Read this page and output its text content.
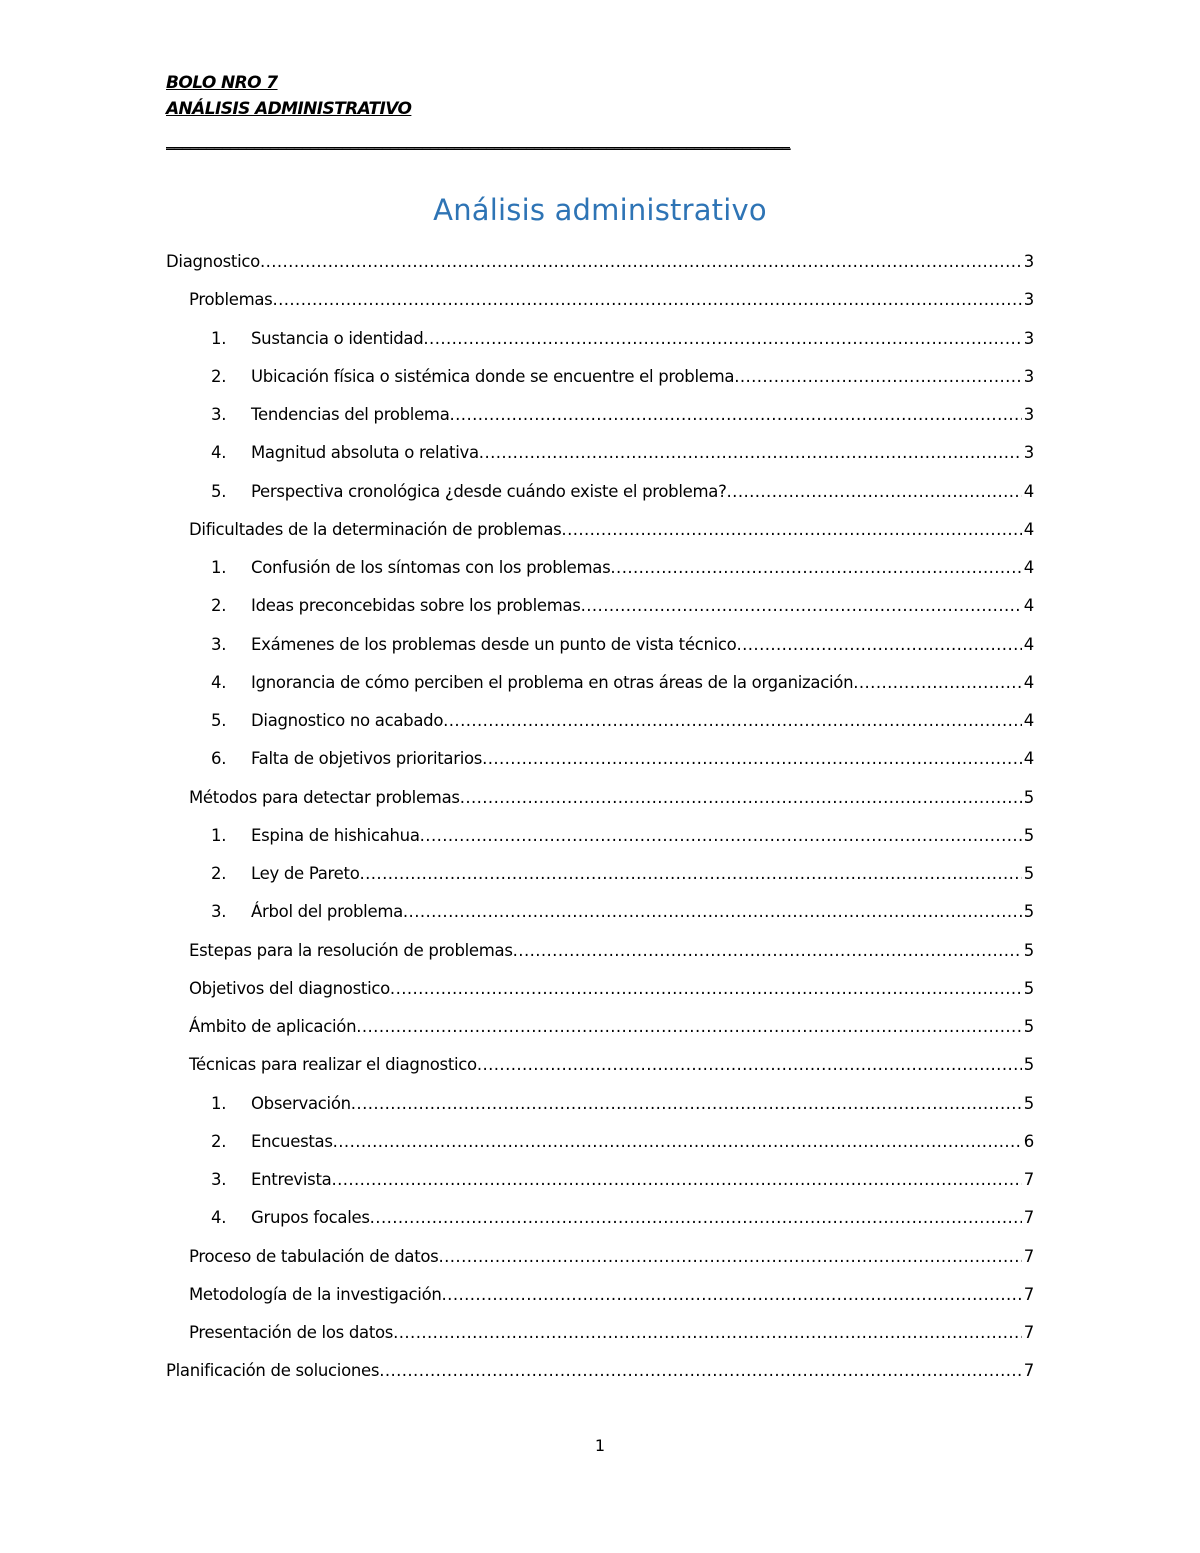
BOLO NRO 7
ANÁLISIS ADMINISTRATIVO
______________________________________________________________________________
Análisis administrativo
Diagnostico .....	3
Problemas .....	3
1.	Sustancia o identidad .....	3
2.	Ubicación física o sistémica donde se encuentre el problema .....	3
3.	Tendencias del problema .....	3
4.	Magnitud absoluta o relativa .....	3
5.	Perspectiva cronológica ¿desde cuándo existe el problema? .....	4
Dificultades de la determinación de problemas .....	4
1.	Confusión de los síntomas con los problemas .....	4
2.	Ideas preconcebidas sobre los problemas .....	4
3.	Exámenes de los problemas desde un punto de vista técnico .....	4
4.	Ignorancia de cómo perciben el problema en otras áreas de la organización .....	4
5.	Diagnostico no acabado .....	4
6.	Falta de objetivos prioritarios .....	4
Métodos para detectar problemas .....	5
1.	Espina de hishicahua .....	5
2.	Ley de Pareto .....	5
3.	Árbol del problema .....	5
Estepas para la resolución de problemas .....	5
Objetivos del diagnostico .....	5
Ámbito de aplicación .....	5
Técnicas para realizar el diagnostico .....	5
1.	Observación .....	5
2.	Encuestas .....	6
3.	Entrevista .....	7
4.	Grupos focales .....	7
Proceso de tabulación de datos .....	7
Metodología de la investigación .....	7
Presentación de los datos .....	7
Planificación de soluciones .....	7
1
